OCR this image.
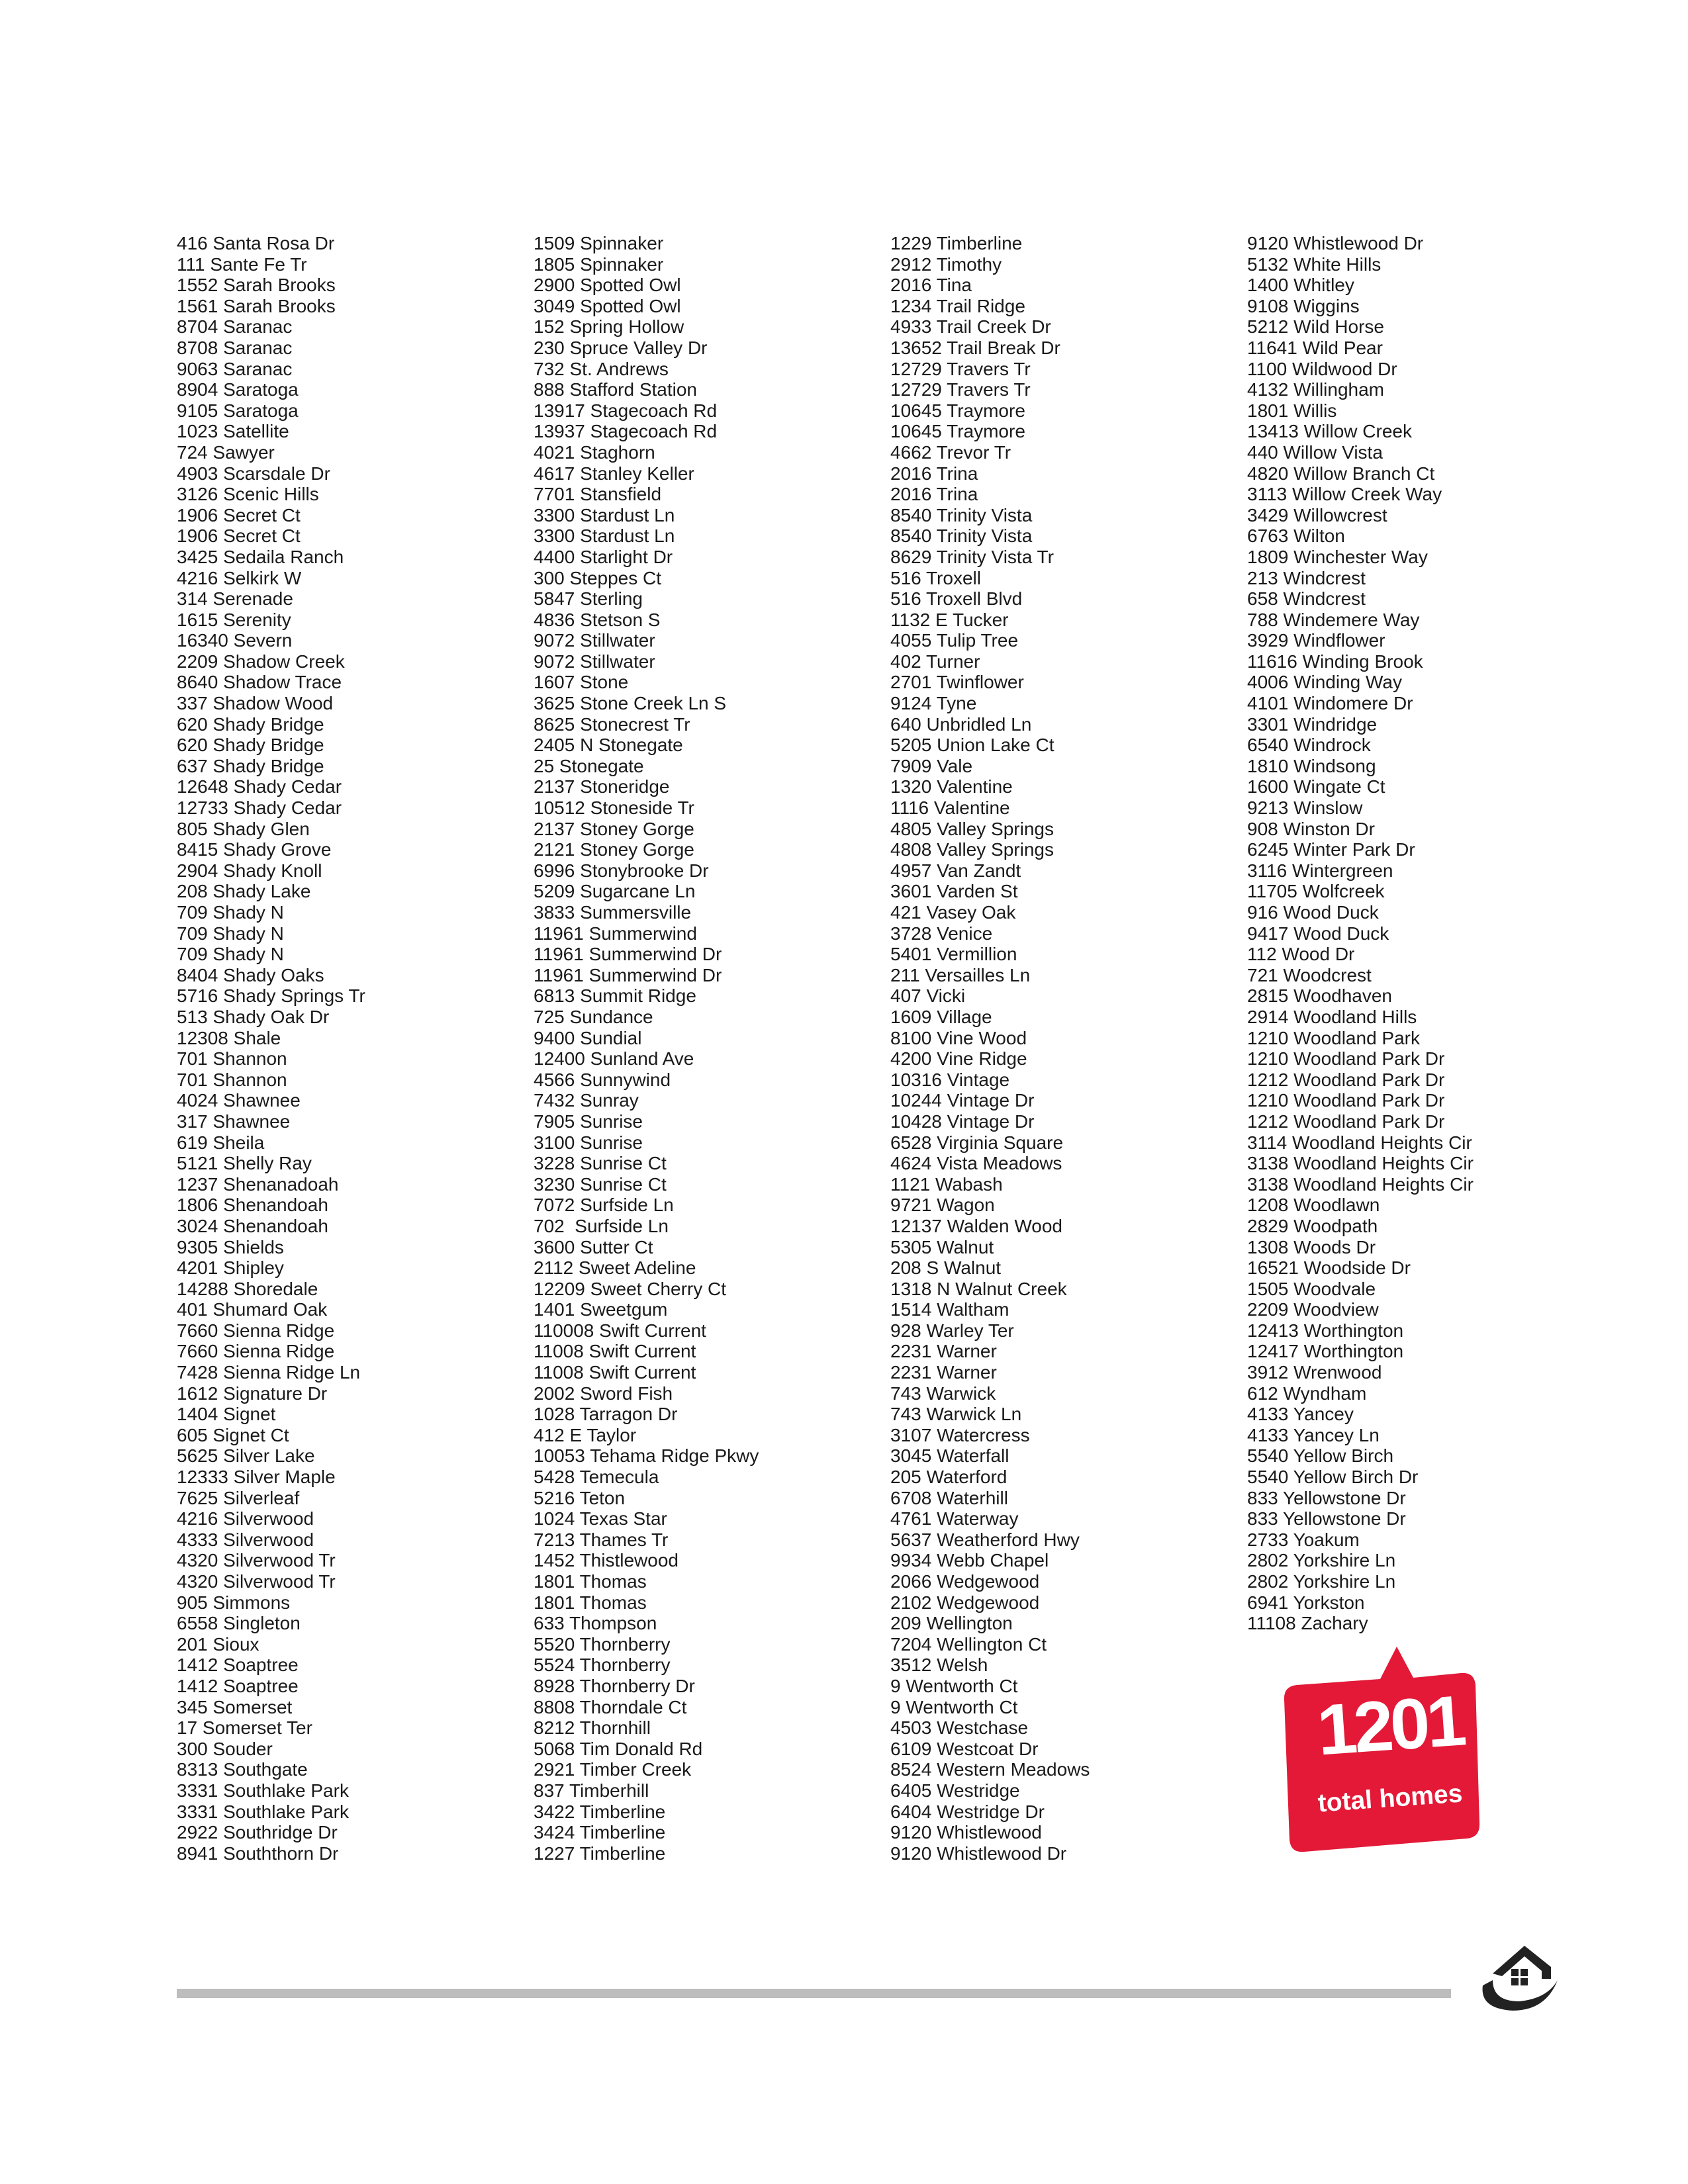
416 Santa Rosa Dr
111 Sante Fe Tr
1552 Sarah Brooks
1561 Sarah Brooks
8704 Saranac
8708 Saranac
9063 Saranac
8904 Saratoga
9105 Saratoga
1023 Satellite
724 Sawyer
4903 Scarsdale Dr
3126 Scenic Hills
1906 Secret Ct
1906 Secret Ct
3425 Sedaila Ranch
4216 Selkirk W
314 Serenade
1615 Serenity
16340 Severn
2209 Shadow Creek
8640 Shadow Trace
337 Shadow Wood
620 Shady Bridge
620 Shady Bridge
637 Shady Bridge
12648 Shady Cedar
12733 Shady Cedar
805 Shady Glen
8415 Shady Grove
2904 Shady Knoll
208 Shady Lake
709 Shady N
709 Shady N
709 Shady N
8404 Shady Oaks
5716 Shady Springs Tr
513 Shady Oak Dr
12308 Shale
701 Shannon
701 Shannon
4024 Shawnee
317 Shawnee
619 Sheila
5121 Shelly Ray
1237 Shenanadoah
1806 Shenandoah
3024 Shenandoah
9305 Shields
4201 Shipley
14288 Shoredale
401 Shumard Oak
7660 Sienna Ridge
7660 Sienna Ridge
7428 Sienna Ridge Ln
1612 Signature Dr
1404 Signet
605 Signet Ct
5625 Silver Lake
12333 Silver Maple
7625 Silverleaf
4216 Silverwood
4333 Silverwood
4320 Silverwood Tr
4320 Silverwood Tr
905 Simmons
6558 Singleton
201 Sioux
1412 Soaptree
1412 Soaptree
345 Somerset
17 Somerset Ter
300 Souder
8313 Southgate
3331 Southlake Park
3331 Southlake Park
2922 Southridge Dr
8941 Souththorn Dr
1509 Spinnaker
1805 Spinnaker
2900 Spotted Owl
3049 Spotted Owl
152 Spring Hollow
230 Spruce Valley Dr
732 St. Andrews
888 Stafford Station
13917 Stagecoach Rd
13937 Stagecoach Rd
4021 Staghorn
4617 Stanley Keller
7701 Stansfield
3300 Stardust Ln
3300 Stardust Ln
4400 Starlight Dr
300 Steppes Ct
5847 Sterling
4836 Stetson S
9072 Stillwater
9072 Stillwater
1607 Stone
3625 Stone Creek Ln S
8625 Stonecrest Tr
2405 N Stonegate
25 Stonegate
2137 Stoneridge
10512 Stoneside Tr
2137 Stoney Gorge
2121 Stoney Gorge
6996 Stonybrooke Dr
5209 Sugarcane Ln
3833 Summersville
11961 Summerwind
11961 Summerwind Dr
11961 Summerwind Dr
6813 Summit Ridge
725 Sundance
9400 Sundial
12400 Sunland Ave
4566 Sunnywind
7432 Sunray
7905 Sunrise
3100 Sunrise
3228 Sunrise Ct
3230 Sunrise Ct
7072 Surfside Ln
702  Surfside Ln
3600 Sutter Ct
2112 Sweet Adeline
12209 Sweet Cherry Ct
1401 Sweetgum
110008 Swift Current
11008 Swift Current
11008 Swift Current
2002 Sword Fish
1028 Tarragon Dr
412 E Taylor
10053 Tehama Ridge Pkwy
5428 Temecula
5216 Teton
1024 Texas Star
7213 Thames Tr
1452 Thistlewood
1801 Thomas
1801 Thomas
633 Thompson
5520 Thornberry
5524 Thornberry
8928 Thornberry Dr
8808 Thorndale Ct
8212 Thornhill
5068 Tim Donald Rd
2921 Timber Creek
837 Timberhill
3422 Timberline
3424 Timberline
1227 Timberline
1229 Timberline
2912 Timothy
2016 Tina
1234 Trail Ridge
4933 Trail Creek Dr
13652 Trail Break Dr
12729 Travers Tr
12729 Travers Tr
10645 Traymore
10645 Traymore
4662 Trevor Tr
2016 Trina
2016 Trina
8540 Trinity Vista
8540 Trinity Vista
8629 Trinity Vista Tr
516 Troxell
516 Troxell Blvd
1132 E Tucker
4055 Tulip Tree
402 Turner
2701 Twinflower
9124 Tyne
640 Unbridled Ln
5205 Union Lake Ct
7909 Vale
1320 Valentine
1116 Valentine
4805 Valley Springs
4808 Valley Springs
4957 Van Zandt
3601 Varden St
421 Vasey Oak
3728 Venice
5401 Vermillion
211 Versailles Ln
407 Vicki
1609 Village
8100 Vine Wood
4200 Vine Ridge
10316 Vintage
10244 Vintage Dr
10428 Vintage Dr
6528 Virginia Square
4624 Vista Meadows
1121 Wabash
9721 Wagon
12137 Walden Wood
5305 Walnut
208 S Walnut
1318 N Walnut Creek
1514 Waltham
928 Warley Ter
2231 Warner
2231 Warner
743 Warwick
743 Warwick Ln
3107 Watercress
3045 Waterfall
205 Waterford
6708 Waterhill
4761 Waterway
5637 Weatherford Hwy
9934 Webb Chapel
2066 Wedgewood
2102 Wedgewood
209 Wellington
7204 Wellington Ct
3512 Welsh
9 Wentworth Ct
9 Wentworth Ct
4503 Westchase
6109 Westcoat Dr
8524 Western Meadows
6405 Westridge
6404 Westridge Dr
9120 Whistlewood
9120 Whistlewood Dr
9120 Whistlewood Dr
5132 White Hills
1400 Whitley
9108 Wiggins
5212 Wild Horse
11641 Wild Pear
1100 Wildwood Dr
4132 Willingham
1801 Willis
13413 Willow Creek
440 Willow Vista
4820 Willow Branch Ct
3113 Willow Creek Way
3429 Willowcrest
6763 Wilton
1809 Winchester Way
213 Windcrest
658 Windcrest
788 Windemere Way
3929 Windflower
11616 Winding Brook
4006 Winding Way
4101 Windomere Dr
3301 Windridge
6540 Windrock
1810 Windsong
1600 Wingate Ct
9213 Winslow
908 Winston Dr
6245 Winter Park Dr
3116 Wintergreen
11705 Wolfcreek
916 Wood Duck
9417 Wood Duck
112 Wood Dr
721 Woodcrest
2815 Woodhaven
2914 Woodland Hills
1210 Woodland Park
1210 Woodland Park Dr
1212 Woodland Park Dr
1210 Woodland Park Dr
1212 Woodland Park Dr
3114 Woodland Heights Cir
3138 Woodland Heights Cir
3138 Woodland Heights Cir
1208 Woodlawn
2829 Woodpath
1308 Woods Dr
16521 Woodside Dr
1505 Woodvale
2209 Woodview
12413 Worthington
12417 Worthington
3912 Wrenwood
612 Wyndham
4133 Yancey
4133 Yancey Ln
5540 Yellow Birch
5540 Yellow Birch Dr
833 Yellowstone Dr
833 Yellowstone Dr
2733 Yoakum
2802 Yorkshire Ln
2802 Yorkshire Ln
6941 Yorkston
11108 Zachary
1201
total homes
